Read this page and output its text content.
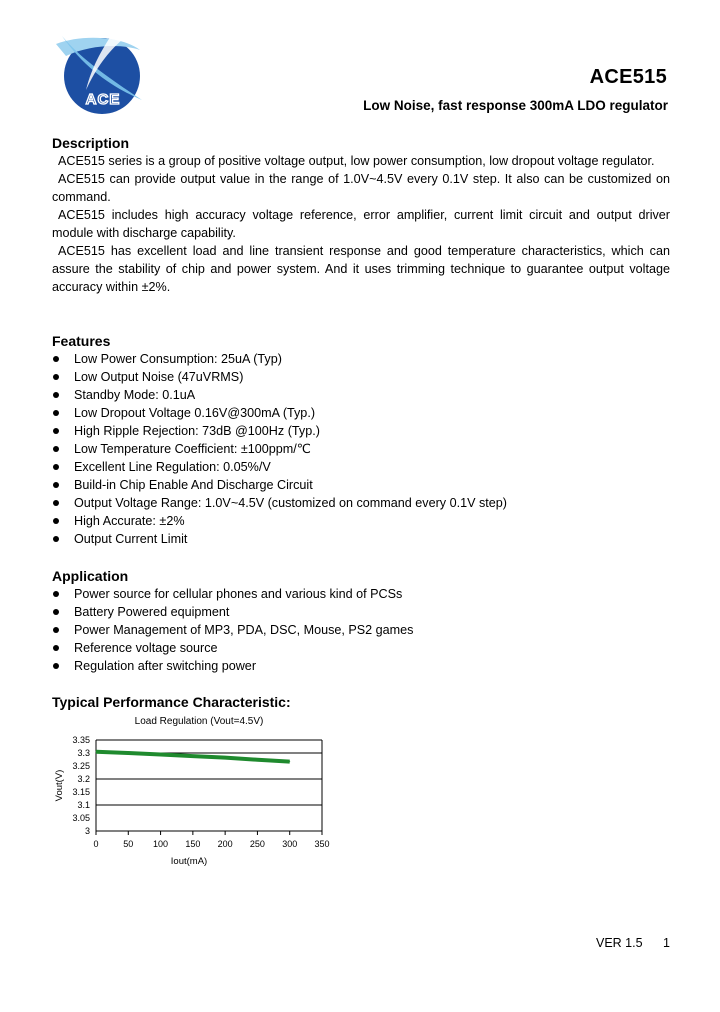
ACE
ACE515
Low Noise, fast response 300mA LDO regulator
Description

ACE515 series is a group of positive voltage output, low power consumption, low dropout voltage regulator.

ACE515 can provide output value in the range of 1.0V~4.5V every 0.1V step. It also can be customized on command.

ACE515 includes high accuracy voltage reference, error amplifier, current limit circuit and output driver module with discharge capability.

ACE515 has excellent load and line transient response and good temperature characteristics, which can assure the stability of chip and power system. And it uses trimming technique to guarantee output voltage accuracy within ±2%.

Features
Low Power Consumption: 25uA (Typ)
Low Output Noise (47uVRMS)
Standby Mode: 0.1uA
Low Dropout Voltage 0.16V@300mA (Typ.)
High Ripple Rejection: 73dB @100Hz (Typ.)
Low Temperature Coefficient: ±100ppm/℃
Excellent Line Regulation: 0.05%/V
Build-in Chip Enable And Discharge Circuit
Output Voltage Range: 1.0V~4.5V (customized on command every 0.1V step)
High Accurate: ±2%
Output Current Limit
Application
Power source for cellular phones and various kind of PCSs
Battery Powered equipment
Power Management of MP3, PDA, DSC, Mouse, PS2 games
Reference voltage source
Regulation after switching power
Typical Performance Characteristic:
Load Regulation (Vout=4.5V)
0	50 100 150 200 250 300 350
3
3.05
3.1
3.15
3.2
3.25
3.3
3.35
Iout(mA)
Vout(V)
VER 1.5 1
